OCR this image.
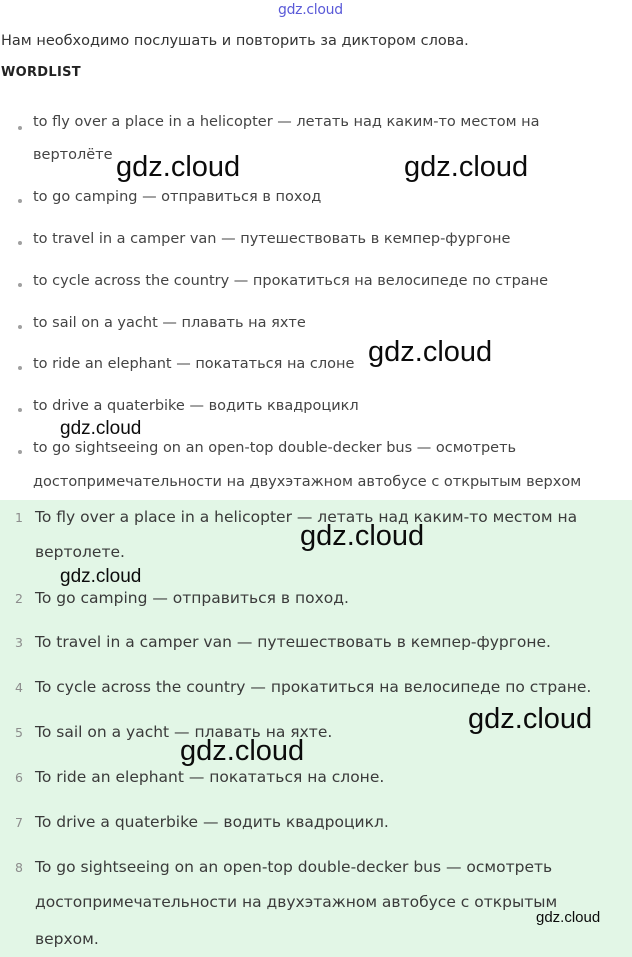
gdz.cloud
Нам необходимо послушать и повторить за диктором слова.
WORDLIST
to fly over a place in a helicopter — летать над каким-то местом на
вертолёте
to go camping — отправиться в поход
to travel in a camper van — путешествовать в кемпер-фургоне
to cycle across the country — прокатиться на велосипеде по стране
to sail on a yacht — плавать на яхте
to ride an elephant — покататься на слоне
to drive a quaterbike — водить квадроцикл
to go sightseeing on an open-top double-decker bus — осмотреть
достопримечательности на двухэтажном автобусе с открытым верхом
1 To fly over a place in a helicopter — летать над каким-то местом на
вертолете.
2 To go camping — отправиться в поход.
3 To travel in a camper van — путешествовать в кемпер-фургоне.
4 To cycle across the country — прокатиться на велосипеде по стране.
5 To sail on a yacht — плавать на яхте.
6 To ride an elephant — покататься на слоне.
7 To drive a quaterbike — водить квадроцикл.
8 To go sightseeing on an open-top double-decker bus — осмотреть
достопримечательности на двухэтажном автобусе с открытым
верхом.
gdz.cloud	gdz.cloud
gdz.cloud
gdz.cloud
gdz.cloud
gdz.cloud
gdz.cloud
gdz.cloud
gdz.cloud
